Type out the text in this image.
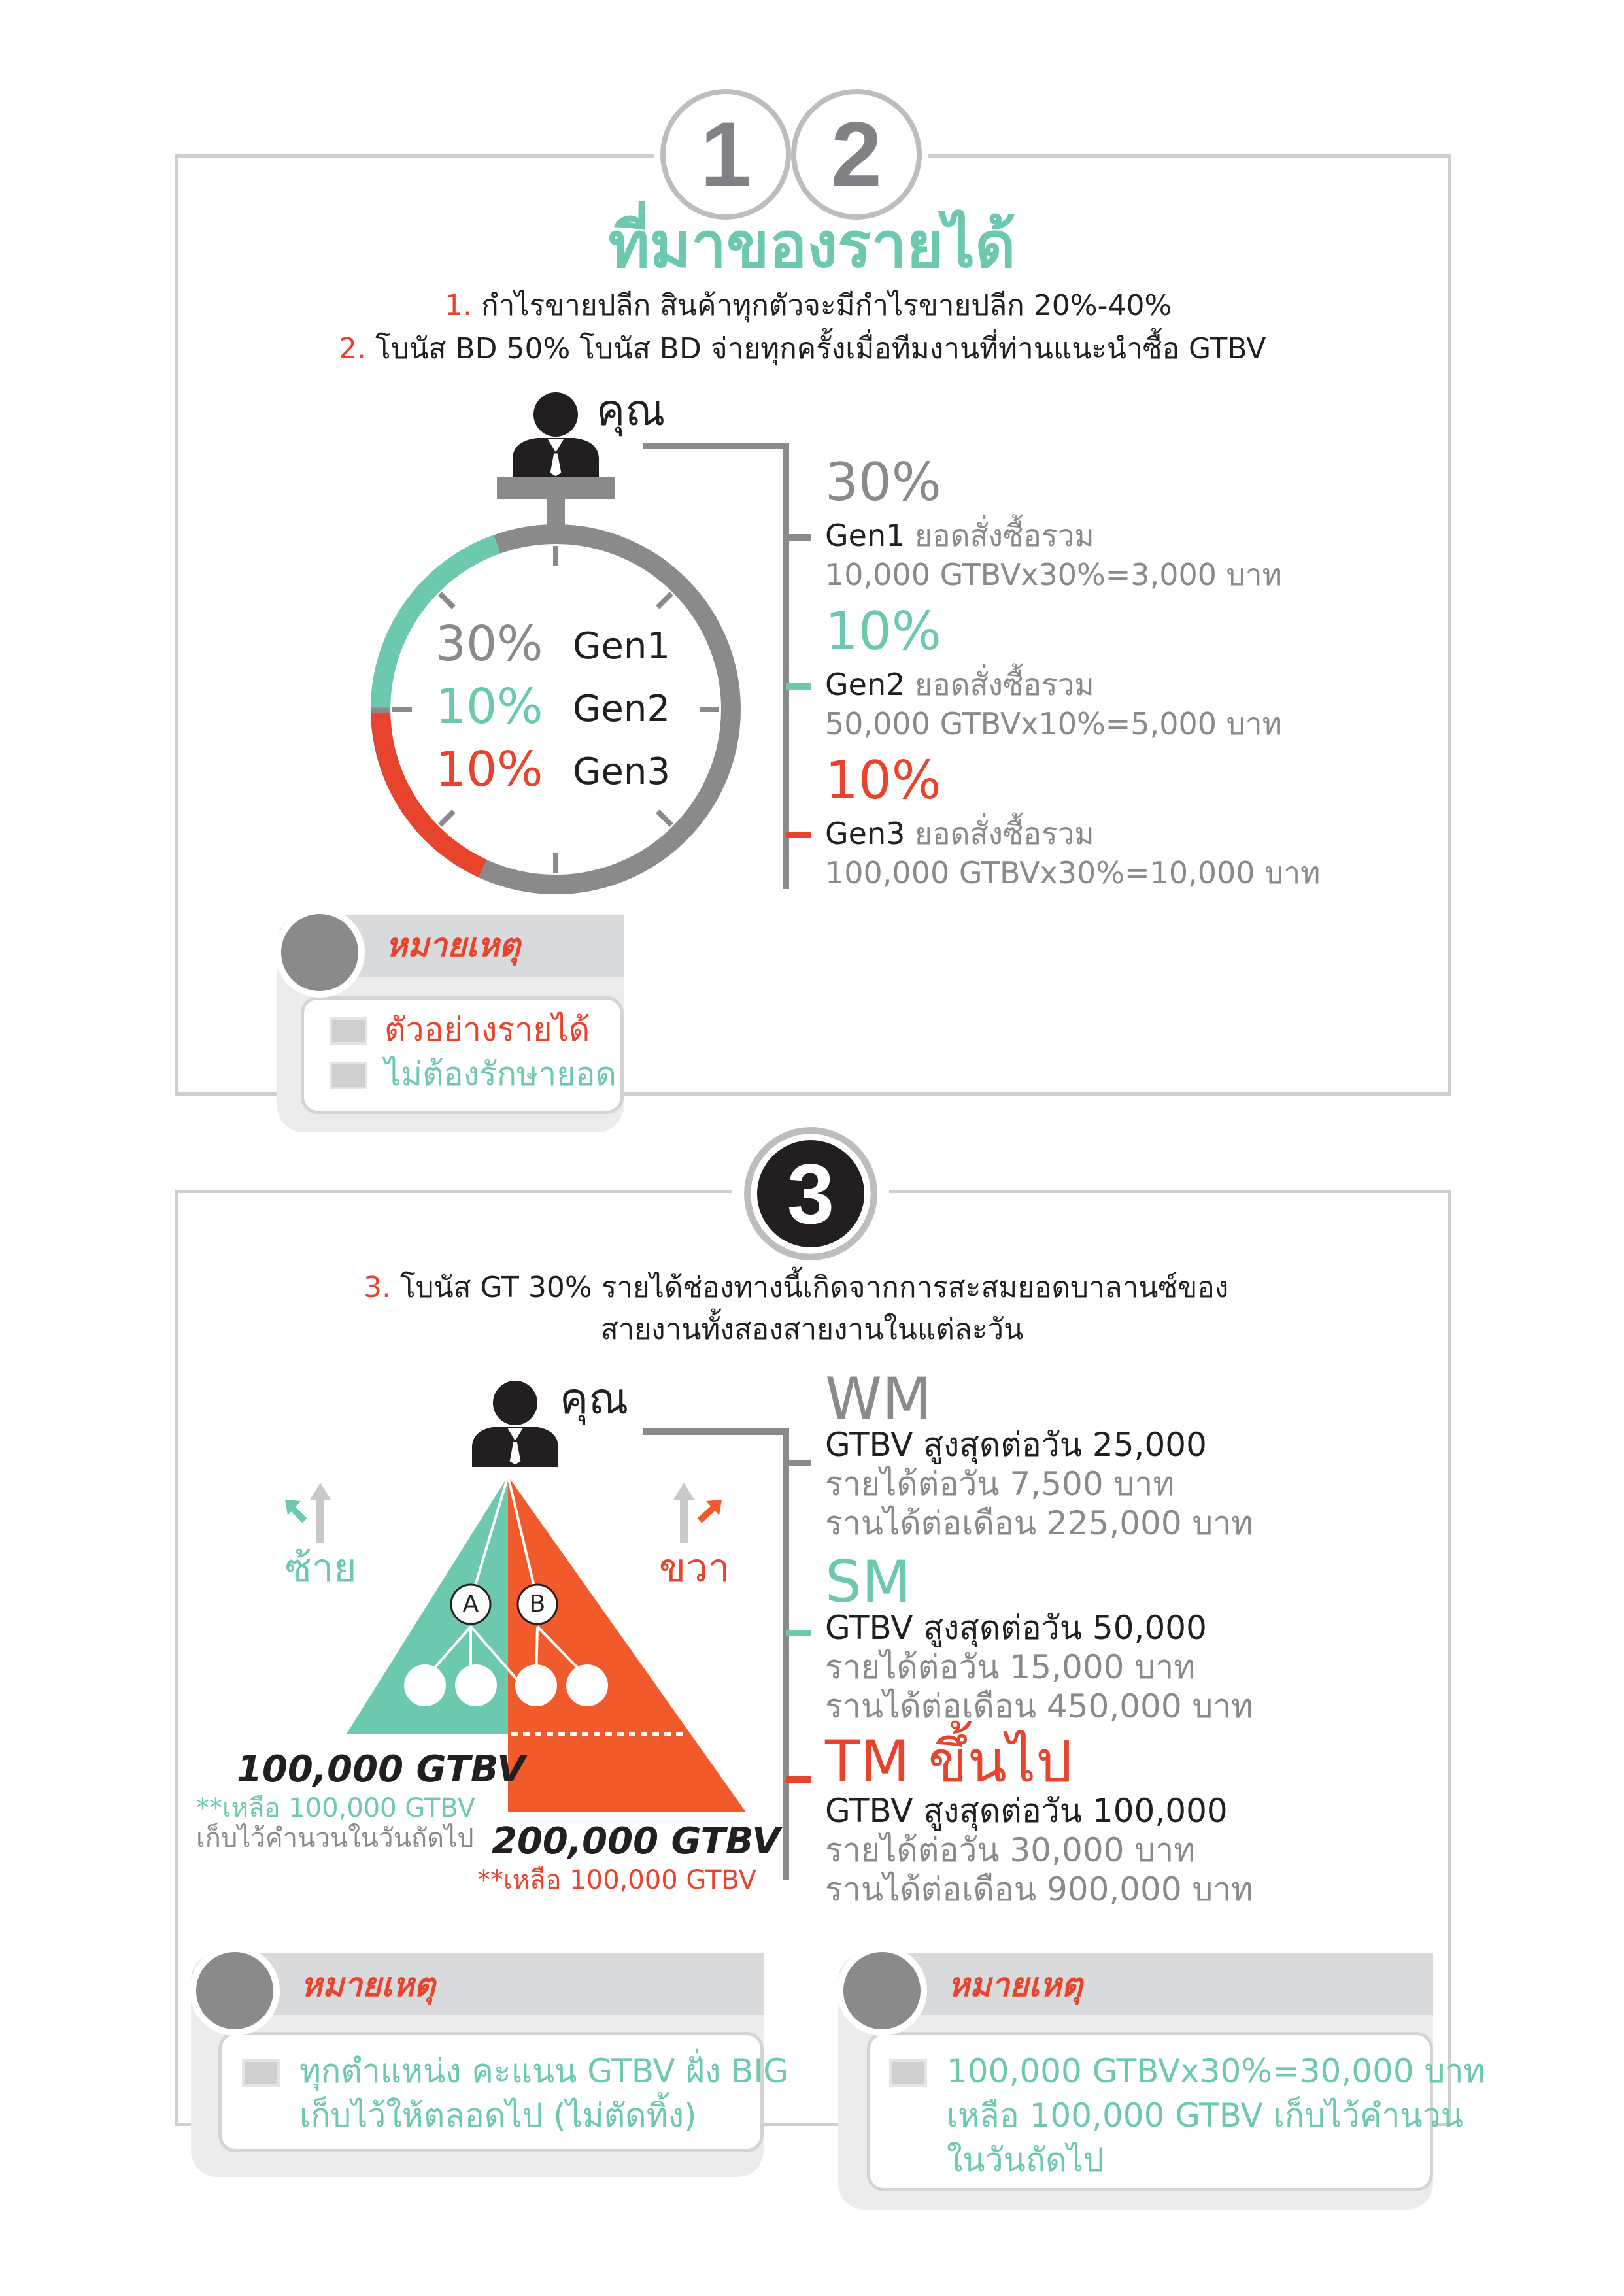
1 2
ที่มาของรายได้
1. กำไรขายปลีก สินค้าทุกตัวจะมีกำไรขายปลีก 20%-40%
2. โบนัส BD 50% โบนัส BD จ่ายทุกครั้งเมื่อทีมงานที่ท่านแนะนำซื้อ GTBV
คุณ
30% Gen1
10% Gen2
10% Gen3
30%
Gen1 ยอดสั่งซื้อรวม
10,000 GTBVx30%=3,000 บาท
10%
Gen2 ยอดสั่งซื้อรวม
50,000 GTBVx10%=5,000 บาท
10%
Gen3 ยอดสั่งซื้อรวม
100,000 GTBVx30%=10,000 บาท
หมายเหตุ
ตัวอย่างรายได้
ไม่ต้องรักษายอด
3
3. โบนัส GT 30% รายได้ช่องทางนี้เกิดจากการสะสมยอดบาลานซ์ของ
สายงานทั้งสองสายงานในแต่ละวัน
คุณ
ซ้าย	ขวา
A B
100,000 GTBV
**เหลือ 100,000 GTBV
เก็บไว้คำนวนในวันถัดไป 200,000 GTBV
**เหลือ 100,000 GTBV
WM
GTBV สูงสุดต่อวัน 25,000
รายได้ต่อวัน 7,500 บาท
รานได้ต่อเดือน 225,000 บาท
SM
GTBV สูงสุดต่อวัน 50,000
รายได้ต่อวัน 15,000 บาท
รานได้ต่อเดือน 450,000 บาท
TM ขึ้นไป
GTBV สูงสุดต่อวัน 100,000
รายได้ต่อวัน 30,000 บาท
รานได้ต่อเดือน 900,000 บาท
หมายเหตุ
ทุกตำแหน่ง คะแนน GTBV ฝั่ง BIG
เก็บไว้ให้ตลอดไป (ไม่ตัดทิ้ง)
หมายเหตุ
100,000 GTBVx30%=30,000 บาท
เหลือ 100,000 GTBV เก็บไว้คำนวน
ในวันถัดไป
